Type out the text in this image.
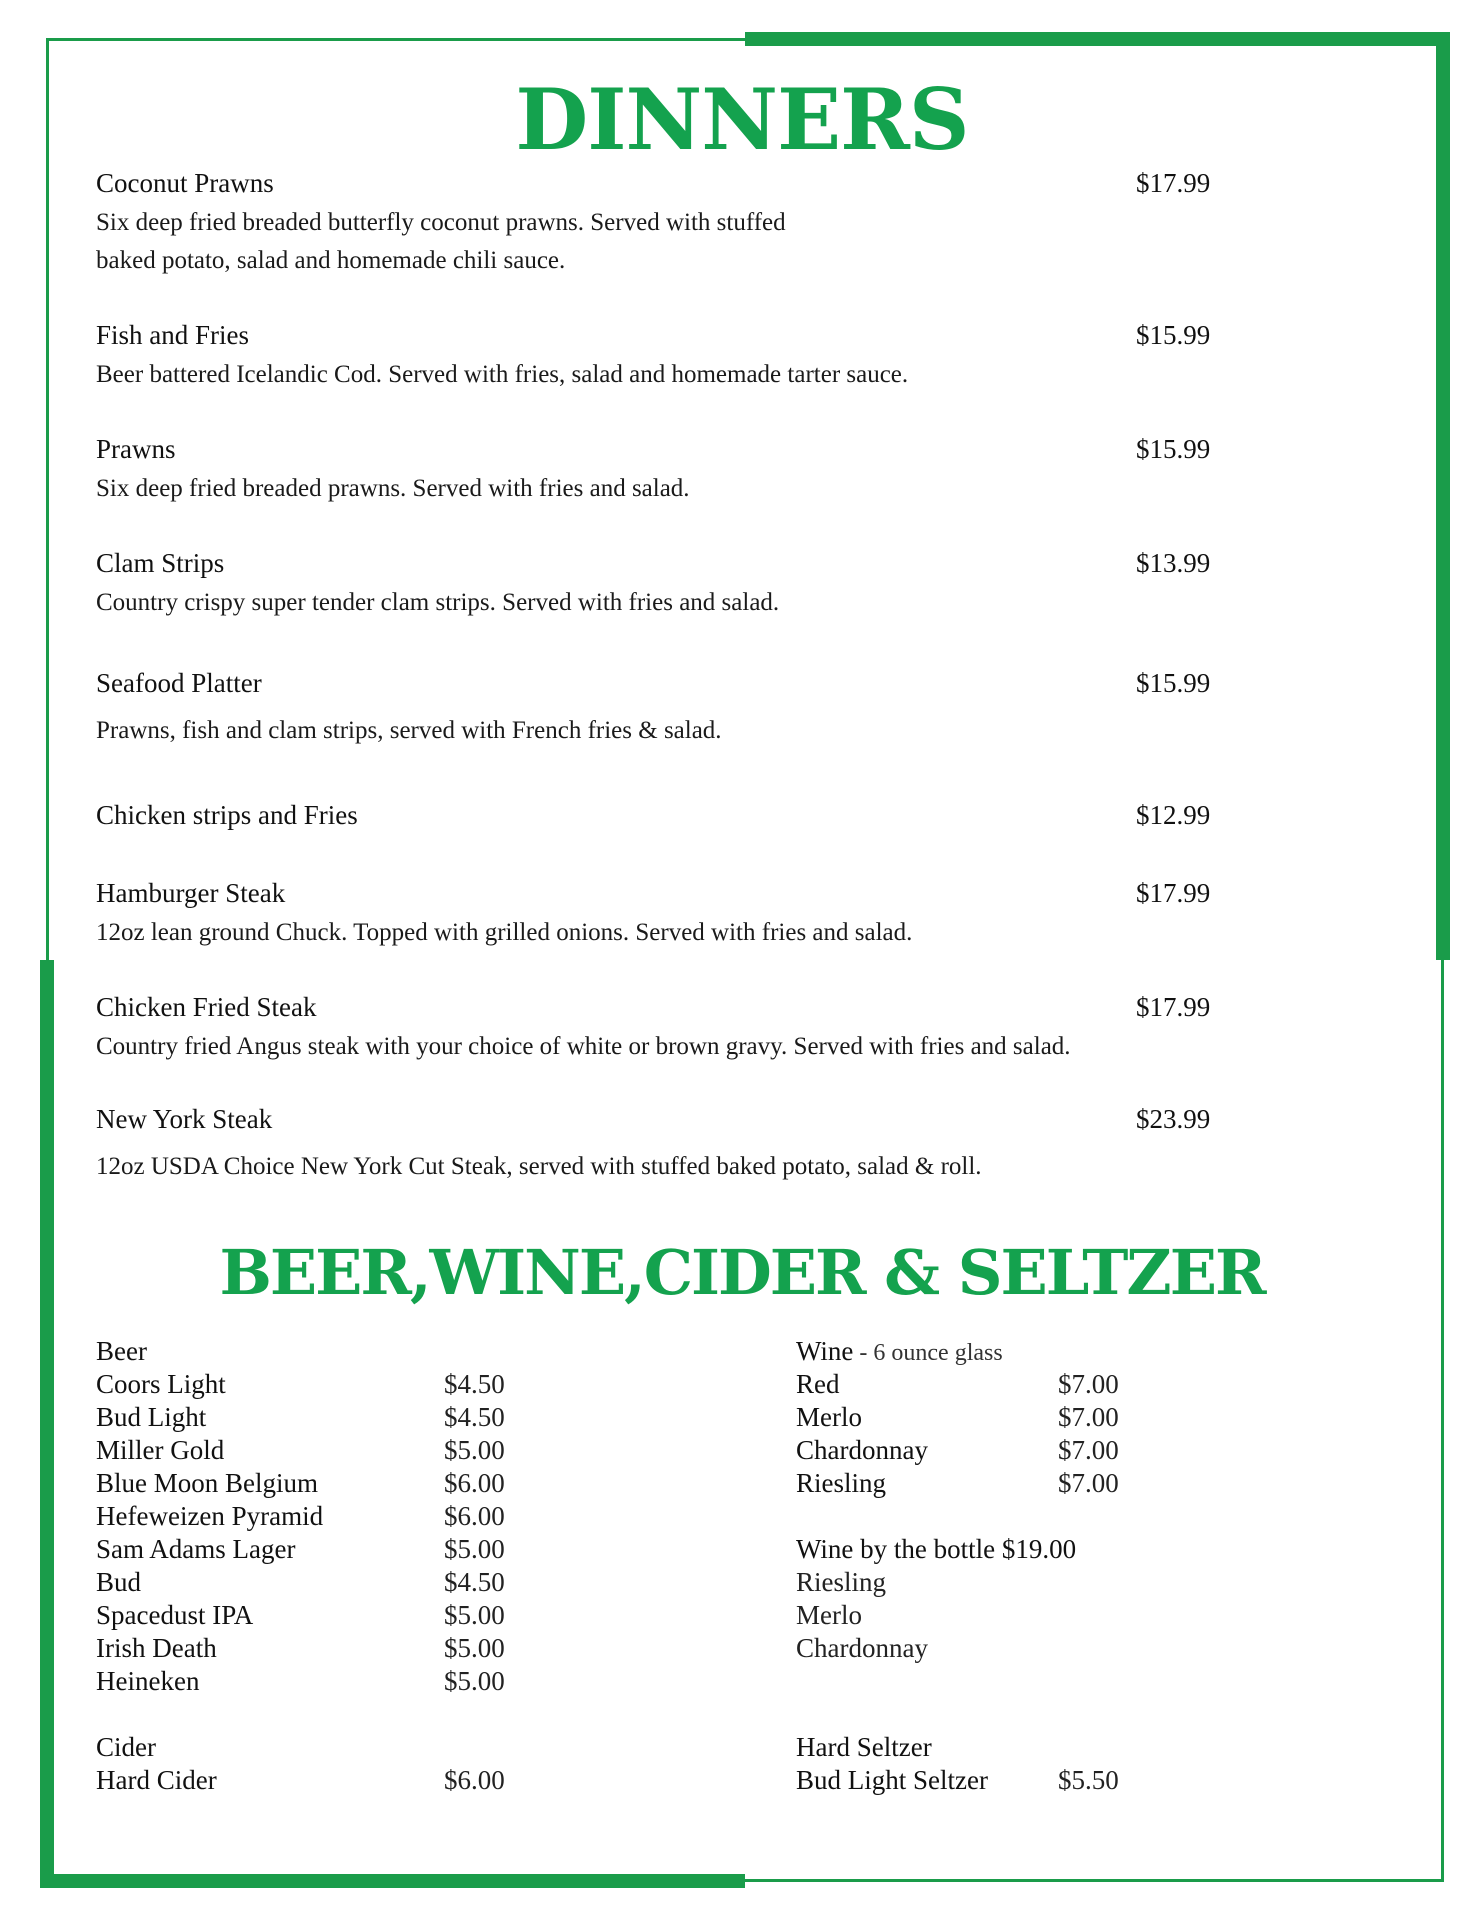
DINNERS
Coconut Prawns	$17.99
Six deep fried breaded butterfly coconut prawns. Served with stuffed
baked potato, salad and homemade chili sauce.
Fish and Fries	$15.99
Beer battered Icelandic Cod. Served with fries, salad and homemade tarter sauce.
Prawns	$15.99
Six deep fried breaded prawns. Served with fries and salad.
Clam Strips	$13.99
Country crispy super tender clam strips. Served with fries and salad.
Seafood Platter	$15.99
Prawns, fish and clam strips, served with French fries & salad.
Chicken strips and Fries	$12.99
Hamburger Steak	$17.99
12oz lean ground Chuck. Topped with grilled onions. Served with fries and salad.
Chicken Fried Steak	$17.99
Country fried Angus steak with your choice of white or brown gravy. Served with fries and salad.
New York Steak	$23.99
12oz USDA Choice New York Cut Steak, served with stuffed baked potato, salad & roll.
BEER,WINE,CIDER & SELTZER
Beer
Coors Light	$4.50
Bud Light	$4.50
Miller Gold	$5.00
Blue Moon Belgium	$6.00
Hefeweizen Pyramid	$6.00
Sam Adams Lager	$5.00
Bud	$4.50
Spacedust IPA	$5.00
Irish Death	$5.00
Heineken	$5.00
Cider
Hard Cider	$6.00
Wine - 6 ounce glass
Red	$7.00
Merlo	$7.00
Chardonnay	$7.00
Riesling	$7.00
Wine by the bottle $19.00
Riesling
Merlo
Chardonnay
Hard Seltzer
Bud Light Seltzer	$5.50
